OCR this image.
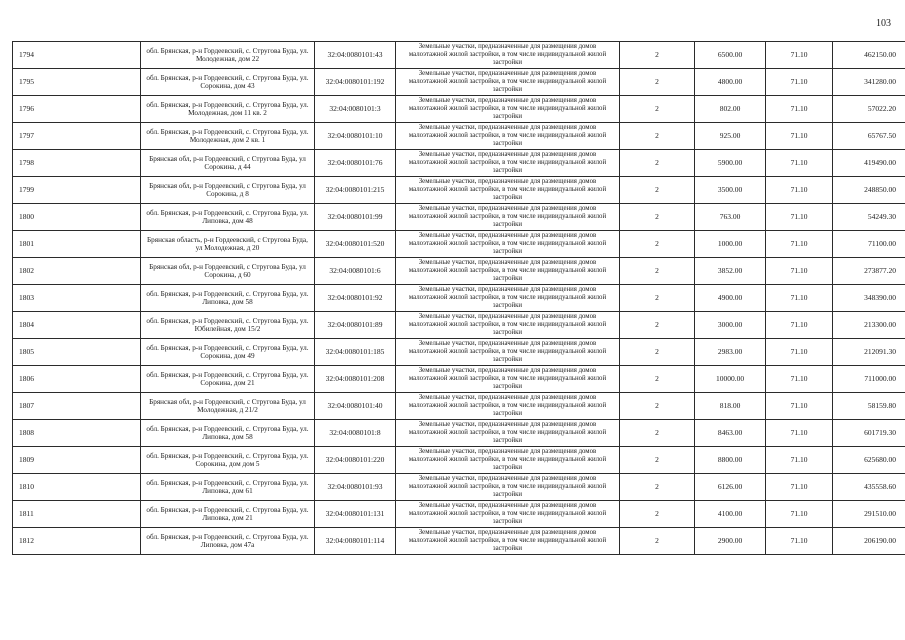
103
1794	обл. Брянская, р-н Гордеевский, с. Струговa Буда, ул. Молодежная, дом 22	32:04:0080101:43	Земельные участки, предназначенные для размещения домов малоэтажной жилой застройки, в том числе индивидуальной жилой застройки	2	6500.00	71.10	462150.00
1795	обл. Брянская, р-н Гордеевский, с. Струговa Буда, ул. Сорокина, дом 43	32:04:0080101:192	Земельные участки, предназначенные для размещения домов малоэтажной жилой застройки, в том числе индивидуальной жилой застройки	2	4800.00	71.10	341280.00
1796	обл. Брянская, р-н Гордеевский, с. Струговa Буда, ул. Молодежная, дом 11 кв. 2	32:04:0080101:3	Земельные участки, предназначенные для размещения домов малоэтажной жилой застройки, в том числе индивидуальной жилой застройки	2	802.00	71.10	57022.20
1797	обл. Брянская, р-н Гордеевский, с. Струговa Буда, ул. Молодежная, дом 2 кв. 1	32:04:0080101:10	Земельные участки, предназначенные для размещения домов малоэтажной жилой застройки, в том числе индивидуальной жилой застройки	2	925.00	71.10	65767.50
1798	Брянская обл, р-н Гордеевский, с Струговa Буда, ул Сорокина, д 44	32:04:0080101:76	Земельные участки, предназначенные для размещения домов малоэтажной жилой застройки, в том числе индивидуальной жилой застройки	2	5900.00	71.10	419490.00
1799	Брянская обл, р-н Гордеевский, с Струговa Буда, ул Сорокина, д 8	32:04:0080101:215	Земельные участки, предназначенные для размещения домов малоэтажной жилой застройки, в том числе индивидуальной жилой застройки	2	3500.00	71.10	248850.00
1800	обл. Брянская, р-н Гордеевский, с. Струговa Буда, ул. Липовка, дом 48	32:04:0080101:99	Земельные участки, предназначенные для размещения домов малоэтажной жилой застройки, в том числе индивидуальной жилой застройки	2	763.00	71.10	54249.30
1801	Брянская область, р-н Гордеевский, с Струговa Буда, ул Молодежная, д 20	32:04:0080101:520	Земельные участки, предназначенные для размещения домов малоэтажной жилой застройки, в том числе индивидуальной жилой застройки	2	1000.00	71.10	71100.00
1802	Брянская обл, р-н Гордеевский, с Струговa Буда, ул Сорокина, д 60	32:04:0080101:6	Земельные участки, предназначенные для размещения домов малоэтажной жилой застройки, в том числе индивидуальной жилой застройки	2	3852.00	71.10	273877.20
1803	обл. Брянская, р-н Гордеевский, с. Струговa Буда, ул. Липовка, дом 58	32:04:0080101:92	Земельные участки, предназначенные для размещения домов малоэтажной жилой застройки, в том числе индивидуальной жилой застройки	2	4900.00	71.10	348390.00
1804	обл. Брянская, р-н Гордеевский, с. Струговa Буда, ул. Юбилейная, дом 15/2	32:04:0080101:89	Земельные участки, предназначенные для размещения домов малоэтажной жилой застройки, в том числе индивидуальной жилой застройки	2	3000.00	71.10	213300.00
1805	обл. Брянская, р-н Гордеевский, с. Струговa Буда, ул. Сорокина, дом 49	32:04:0080101:185	Земельные участки, предназначенные для размещения домов малоэтажной жилой застройки, в том числе индивидуальной жилой застройки	2	2983.00	71.10	212091.30
1806	обл. Брянская, р-н Гордеевский, с. Струговa Буда, ул. Сорокина, дом 21	32:04:0080101:208	Земельные участки, предназначенные для размещения домов малоэтажной жилой застройки, в том числе индивидуальной жилой застройки	2	10000.00	71.10	711000.00
1807	Брянская обл, р-н Гордеевский, с Струговa Буда, ул Молодежная, д 21/2	32:04:0080101:40	Земельные участки, предназначенные для размещения домов малоэтажной жилой застройки, в том числе индивидуальной жилой застройки	2	818.00	71.10	58159.80
1808	обл. Брянская, р-н Гордеевский, с. Струговa Буда, ул. Липовка, дом 58	32:04:0080101:8	Земельные участки, предназначенные для размещения домов малоэтажной жилой застройки, в том числе индивидуальной жилой застройки	2	8463.00	71.10	601719.30
1809	обл. Брянская, р-н Гордеевский, с. Струговa Буда, ул. Сорокина, дом дом 5	32:04:0080101:220	Земельные участки, предназначенные для размещения домов малоэтажной жилой застройки, в том числе индивидуальной жилой застройки	2	8800.00	71.10	625680.00
1810	обл. Брянская, р-н Гордеевский, с. Струговa Буда, ул. Липовка, дом 61	32:04:0080101:93	Земельные участки, предназначенные для размещения домов малоэтажной жилой застройки, в том числе индивидуальной жилой застройки	2	6126.00	71.10	435558.60
1811	обл. Брянская, р-н Гордеевский, с. Струговa Буда, ул. Липовка, дом 21	32:04:0080101:131	Земельные участки, предназначенные для размещения домов малоэтажной жилой застройки, в том числе индивидуальной жилой застройки	2	4100.00	71.10	291510.00
1812	обл. Брянская, р-н Гордеевский, с. Струговa Буда, ул. Липовка, дом 47а	32:04:0080101:114	Земельные участки, предназначенные для размещения домов малоэтажной жилой застройки, в том числе индивидуальной жилой застройки	2	2900.00	71.10	206190.00
